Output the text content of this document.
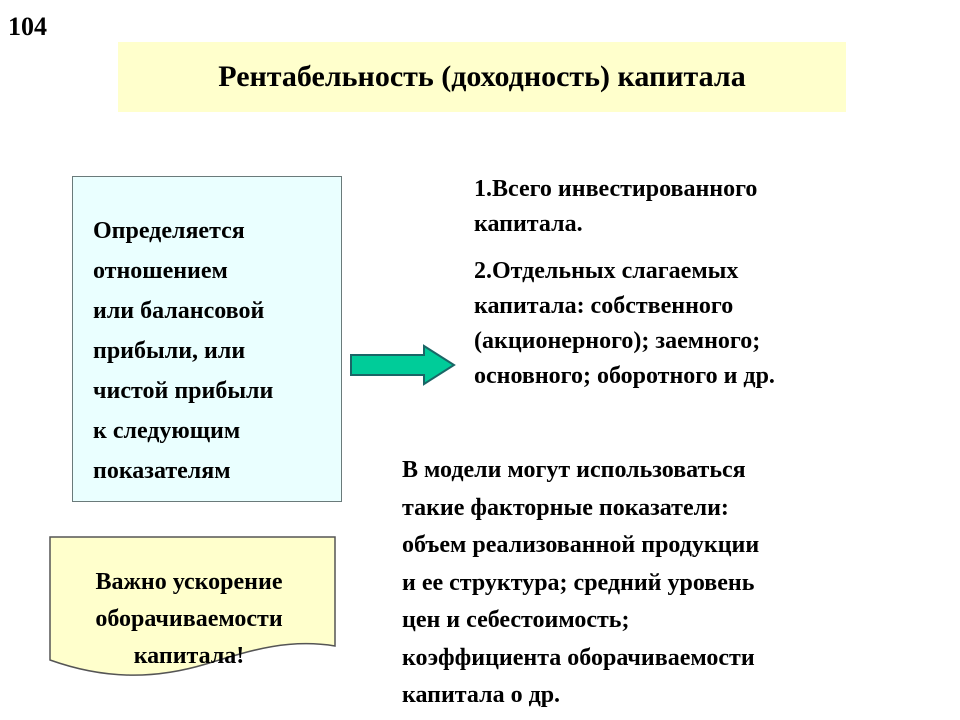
104
Рентабельность (доходность) капитала
Определяется
отношением
или балансовой
прибыли, или
чистой прибыли
к следующим
показателям
1.Всего инвестированного
капитала.
2.Отдельных слагаемых
капитала: собственного
(акционерного); заемного;
основного; оборотного и др.
В модели могут использоваться
такие факторные показатели:
объем реализованной продукции
и ее структура; средний уровень
цен и себестоимость;
коэффициента оборачиваемости
капитала о др.
Важно ускорение
оборачиваемости
капитала!
